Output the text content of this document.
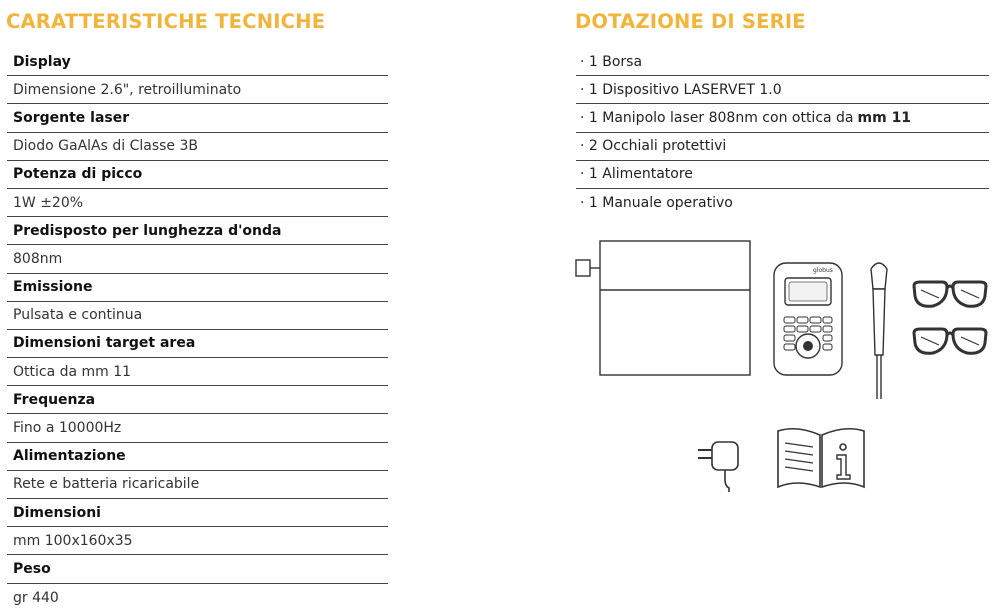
CARATTERISTICHE TECNICHE	DOTAZIONE DI SERIE
Display
Dimensione 2.6", retroilluminato
Sorgente laser
Diodo GaAlAs di Classe 3B
Potenza di picco
1W ±20%
Predisposto per lunghezza d'onda
808nm
Emissione
Pulsata e continua
Dimensioni target area
Ottica da mm 11
Frequenza
Fino a 10000Hz
Alimentazione
Rete e batteria ricaricabile
Dimensioni
mm 100x160x35
Peso
gr 440
· 1 Borsa
· 1 Dispositivo LASERVET 1.0
· 1 Manipolo laser 808nm con ottica da mm 11
· 2 Occhiali protettivi
· 1 Alimentatore
· 1 Manuale operativo
globus
